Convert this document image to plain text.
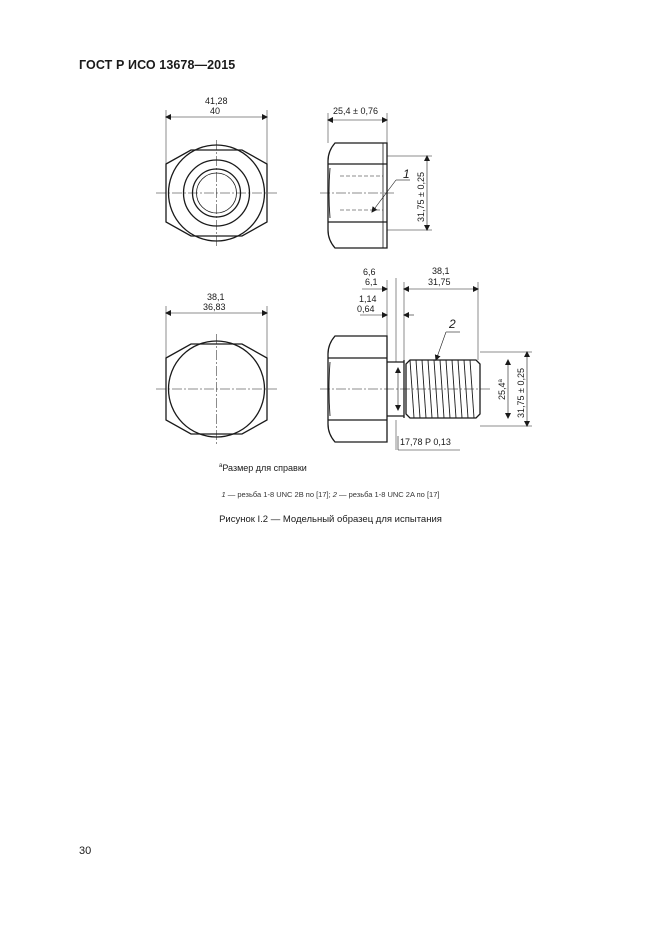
ГОСТ Р ИСО 13678—2015
41,28
40	25,4 ± 0,76
31,75 ± 0,25
1
38,1
36,83
6,6
6,1
1,14
0,64
38,1
31,75
25,4$^a$	31,75 ± 0,25
17,78 P 0,13
2
$^a$Размер для справки
1 — резьба 1-8 UNC 2B по [17]; 2 — резьба 1-8 UNC 2A по [17]
Рисунок I.2 — Модельный образец для испытания
30
